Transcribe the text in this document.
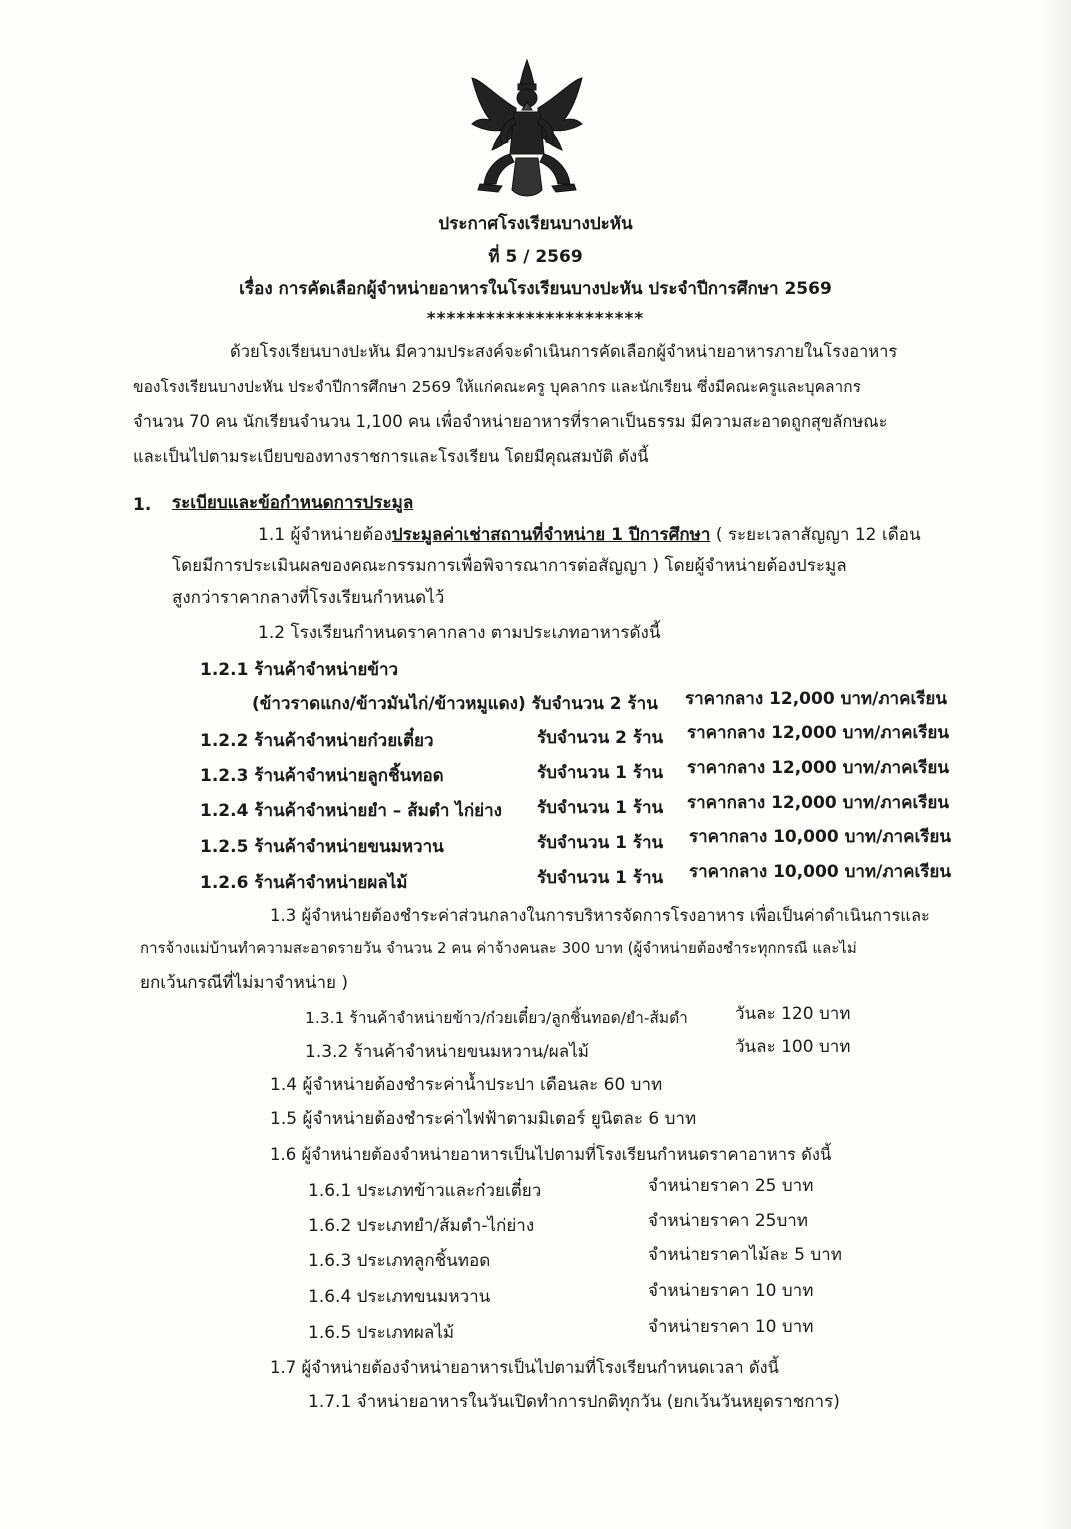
ประกาศโรงเรียนบางปะหัน
ที่ 5 / 2569
เรื่อง การคัดเลือกผู้จำหน่ายอาหารในโรงเรียนบางปะหัน ประจำปีการศึกษา 2569
**********************
ด้วยโรงเรียนบางปะหัน มีความประสงค์จะดำเนินการคัดเลือกผู้จำหน่ายอาหารภายในโรงอาหาร
ของโรงเรียนบางปะหัน ประจำปีการศึกษา 2569 ให้แก่คณะครู บุคลากร และนักเรียน ซึ่งมีคณะครูและบุคลากร
จำนวน 70 คน นักเรียนจำนวน 1,100 คน เพื่อจำหน่ายอาหารที่ราคาเป็นธรรม มีความสะอาดถูกสุขลักษณะ
และเป็นไปตามระเบียบของทางราชการและโรงเรียน โดยมีคุณสมบัติ ดังนี้
1. ระเบียบและข้อกำหนดการประมูล
1.1 ผู้จำหน่ายต้องประมูลค่าเช่าสถานที่จำหน่าย 1 ปีการศึกษา ( ระยะเวลาสัญญา 12 เดือน
โดยมีการประเมินผลของคณะกรรมการเพื่อพิจารณาการต่อสัญญา ) โดยผู้จำหน่ายต้องประมูล
สูงกว่าราคากลางที่โรงเรียนกำหนดไว้
1.2 โรงเรียนกำหนดราคากลาง ตามประเภทอาหารดังนี้
1.2.1 ร้านค้าจำหน่ายข้าว
(ข้าวราดแกง/ข้าวมันไก่/ข้าวหมูแดง) รับจำนวน 2 ร้าน ราคากลาง 12,000 บาท/ภาคเรียน
1.2.2 ร้านค้าจำหน่ายก๋วยเตี๋ยว	รับจำนวน 2 ร้าน ราคากลาง 12,000 บาท/ภาคเรียน
1.2.3 ร้านค้าจำหน่ายลูกชิ้นทอด	รับจำนวน 1 ร้าน ราคากลาง 12,000 บาท/ภาคเรียน
1.2.4 ร้านค้าจำหน่ายยำ – ส้มตำ ไก่ย่าง รับจำนวน 1 ร้าน ราคากลาง 12,000 บาท/ภาคเรียน
1.2.5 ร้านค้าจำหน่ายขนมหวาน	รับจำนวน 1 ร้าน ราคากลาง 10,000 บาท/ภาคเรียน
1.2.6 ร้านค้าจำหน่ายผลไม้	รับจำนวน 1 ร้าน ราคากลาง 10,000 บาท/ภาคเรียน
1.3 ผู้จำหน่ายต้องชำระค่าส่วนกลางในการบริหารจัดการโรงอาหาร เพื่อเป็นค่าดำเนินการและ
การจ้างแม่บ้านทำความสะอาดรายวัน จำนวน 2 คน ค่าจ้างคนละ 300 บาท (ผู้จำหน่ายต้องชำระทุกกรณี และไม่
ยกเว้นกรณีที่ไม่มาจำหน่าย )
1.3.1 ร้านค้าจำหน่ายข้าว/ก๋วยเตี๋ยว/ลูกชิ้นทอด/ยำ-ส้มตำ	วันละ 120 บาท
1.3.2 ร้านค้าจำหน่ายขนมหวาน/ผลไม้	วันละ 100 บาท
1.4 ผู้จำหน่ายต้องชำระค่าน้ำประปา เดือนละ 60 บาท
1.5 ผู้จำหน่ายต้องชำระค่าไฟฟ้าตามมิเตอร์ ยูนิตละ 6 บาท
1.6 ผู้จำหน่ายต้องจำหน่ายอาหารเป็นไปตามที่โรงเรียนกำหนดราคาอาหาร ดังนี้
1.6.1 ประเภทข้าวและก๋วยเตี๋ยว	จำหน่ายราคา 25 บาท
1.6.2 ประเภทยำ/ส้มตำ-ไก่ย่าง	จำหน่ายราคา 25บาท
1.6.3 ประเภทลูกชิ้นทอด	จำหน่ายราคาไม้ละ 5 บาท
1.6.4 ประเภทขนมหวาน	จำหน่ายราคา 10 บาท
1.6.5 ประเภทผลไม้	จำหน่ายราคา 10 บาท
1.7 ผู้จำหน่ายต้องจำหน่ายอาหารเป็นไปตามที่โรงเรียนกำหนดเวลา ดังนี้
1.7.1 จำหน่ายอาหารในวันเปิดทำการปกติทุกวัน (ยกเว้นวันหยุดราชการ)
